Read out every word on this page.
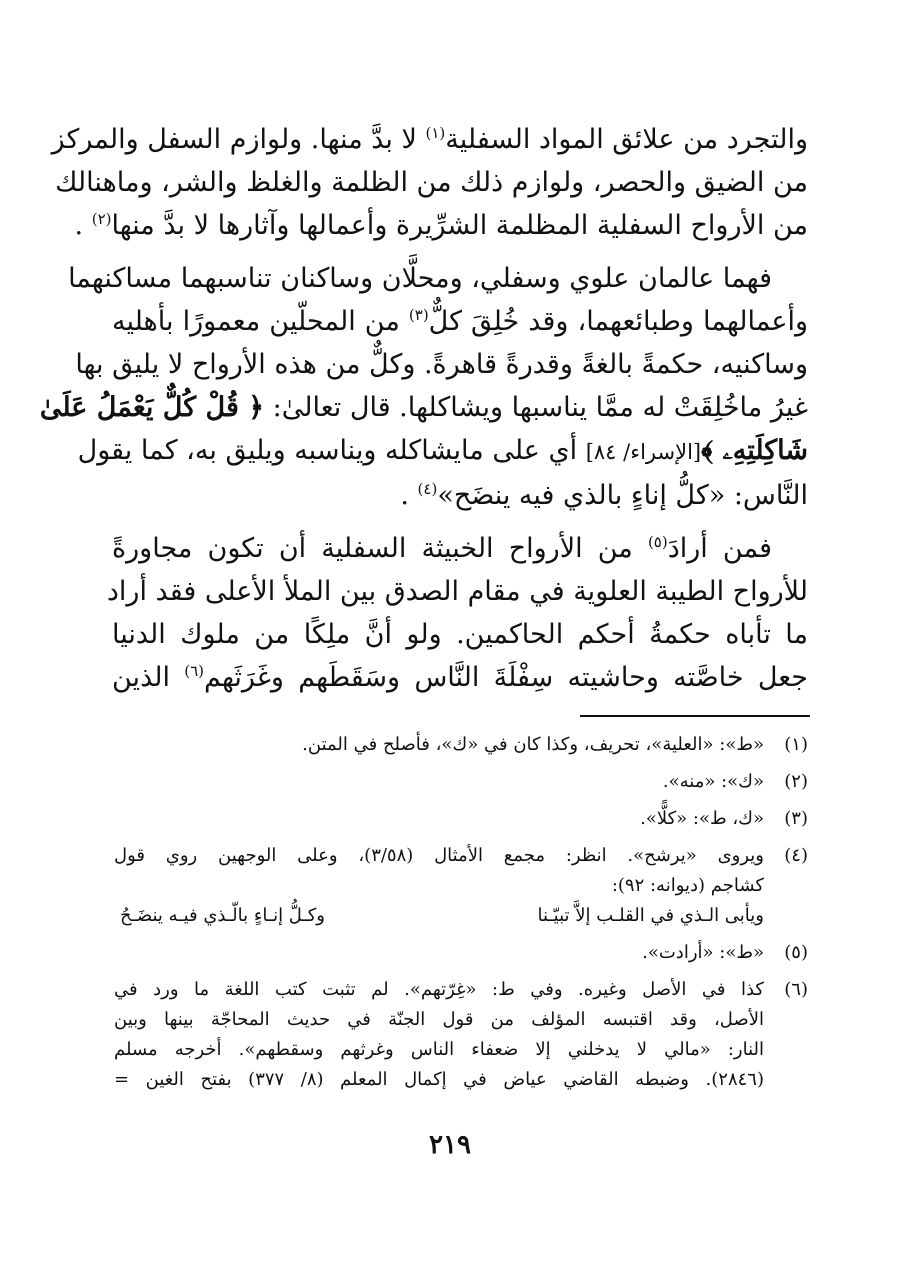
والتجرد من علائق المواد السفلية$^{(١)}$ لا بدَّ منها. ولوازم السفل والمركز
من الضيق والحصر، ولوازم ذلك من الظلمة والغلظ والشر، وماهنالك
من الأرواح السفلية المظلمة الشرِّيرة وأعمالها وآثارها لا بدَّ منها$^{(٢)}$ .

فهما عالمان علوي وسفلي، ومحلَّان وساكنان تناسبهما مساكنهما
وأعمالهما وطبائعهما، وقد خُلِقَ كلٌّ$^{(٣)}$ من المحلّين معمورًا بأهليه
وساكنيه، حكمةً بالغةً وقدرةً قاهرةً. وكلٌّ من هذه الأرواح لا يليق بها
غيرُ ماخُلِقَتْ له ممَّا يناسبها ويشاكلها. قال تعالىٰ: ﴿ قُلْ كُلٌّ يَعْمَلُ عَلَىٰ
شَاكِلَتِهِۦ ﴾[الإسراء/ ٨٤] أي على مايشاكله ويناسبه ويليق به، كما يقول
النَّاس: «كلُّ إناءٍ بالذي فيه ينضَح»$^{(٤)}$ .

فمن أرادَ$^{(٥)}$ من الأرواح الخبيثة السفلية أن تكون مجاورةً
للأرواح الطيبة العلوية في مقام الصدق بين الملأ الأعلى فقد أراد
ما تأباه حكمةُ أحكم الحاكمين. ولو أنَّ ملِكًا من ملوك الدنيا
جعل خاصَّته وحاشيته سِفْلَةَ النَّاس وسَقَطَهم وغَرَثَهم$^{(٦)}$ الذين

(١)
«ط»: «العلية»، تحريف، وكذا كان في «ك»، فأصلح في المتن.
(٢)
«ك»: «منه».
(٣)
«ك، ط»: «كلًّا».
(٤)
ويروى «يرشح». انظر: مجمع الأمثال (٣/٥٨)، وعلى الوجهين روي قول
كشاجم (ديوانه: ٩٢):
ويأبى الـذي في القلـب إلاَّ تبيّـنا
وكـلُّ إنـاءٍ بالّـذي فيـه ينضَـحُ
(٥)
«ط»: «أرادت».
(٦)
كذا في الأصل وغيره. وفي ط: «غِرّتهم». لم تثبت كتب اللغة ما ورد في
الأصل، وقد اقتبسه المؤلف من قول الجنّة في حديث المحاجّة بينها وبين
النار: «مالي لا يدخلني إلا ضعفاء الناس وغرثهم وسقطهم». أخرجه مسلم
(٢٨٤٦). وضبطه القاضي عياض في إكمال المعلم (٨/ ٣٧٧) بفتح الغين =
٢١٩
